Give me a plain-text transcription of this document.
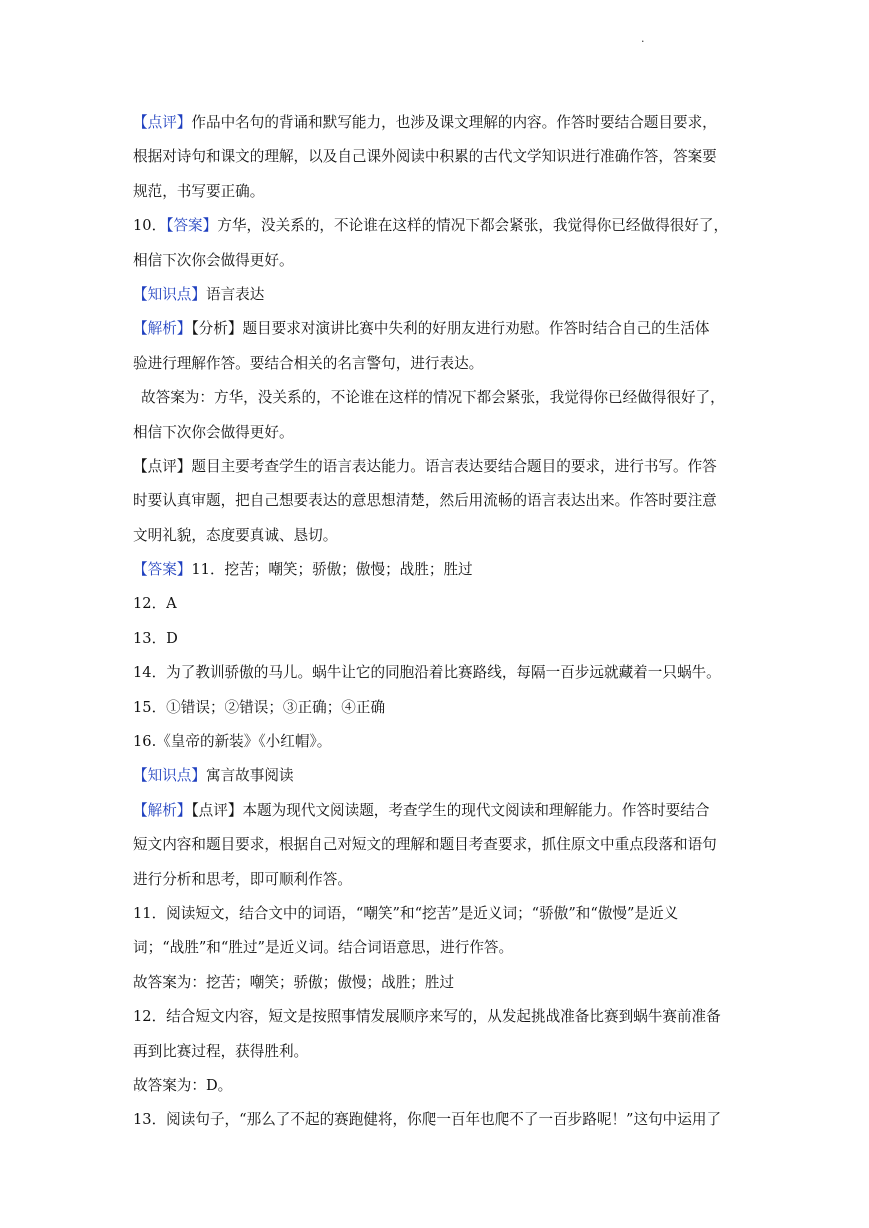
.
【点评】作品中名句的背诵和默写能力，也涉及课文理解的内容。作答时要结合题目要求，
根据对诗句和课文的理解，以及自己课外阅读中积累的古代文学知识进行准确作答，答案要
规范，书写要正确。
10．【答案】方华，没关系的，不论谁在这样的情况下都会紧张，我觉得你已经做得很好了，
相信下次你会做得更好。
【知识点】语言表达
【解析】【分析】题目要求对演讲比赛中失利的好朋友进行劝慰。作答时结合自己的生活体
验进行理解作答。要结合相关的名言警句，进行表达。
故答案为：方华，没关系的，不论谁在这样的情况下都会紧张，我觉得你已经做得很好了，
相信下次你会做得更好。
【点评】题目主要考查学生的语言表达能力。语言表达要结合题目的要求，进行书写。作答
时要认真审题，把自己想要表达的意思想清楚，然后用流畅的语言表达出来。作答时要注意
文明礼貌，态度要真诚、恳切。
【答案】11．挖苦；嘲笑；骄傲；傲慢；战胜；胜过
12．A
13．D
14．为了教训骄傲的马儿。蜗牛让它的同胞沿着比赛路线，每隔一百步远就藏着一只蜗牛。
15．①错误；②错误；③正确；④正确
16.《皇帝的新装》《小红帽》。
【知识点】寓言故事阅读
【解析】【点评】本题为现代文阅读题，考查学生的现代文阅读和理解能力。作答时要结合
短文内容和题目要求，根据自己对短文的理解和题目考查要求，抓住原文中重点段落和语句
进行分析和思考，即可顺利作答。
11．阅读短文，结合文中的词语，“嘲笑”和“挖苦”是近义词；“骄傲”和“傲慢”是近义
词；“战胜”和“胜过”是近义词。结合词语意思，进行作答。
故答案为：挖苦；嘲笑；骄傲；傲慢；战胜；胜过
12．结合短文内容，短文是按照事情发展顺序来写的，从发起挑战准备比赛到蜗牛赛前准备
再到比赛过程，获得胜利。
故答案为：D。
13．阅读句子，“那么了不起的赛跑健将，你爬一百年也爬不了一百步路呢！”这句中运用了
